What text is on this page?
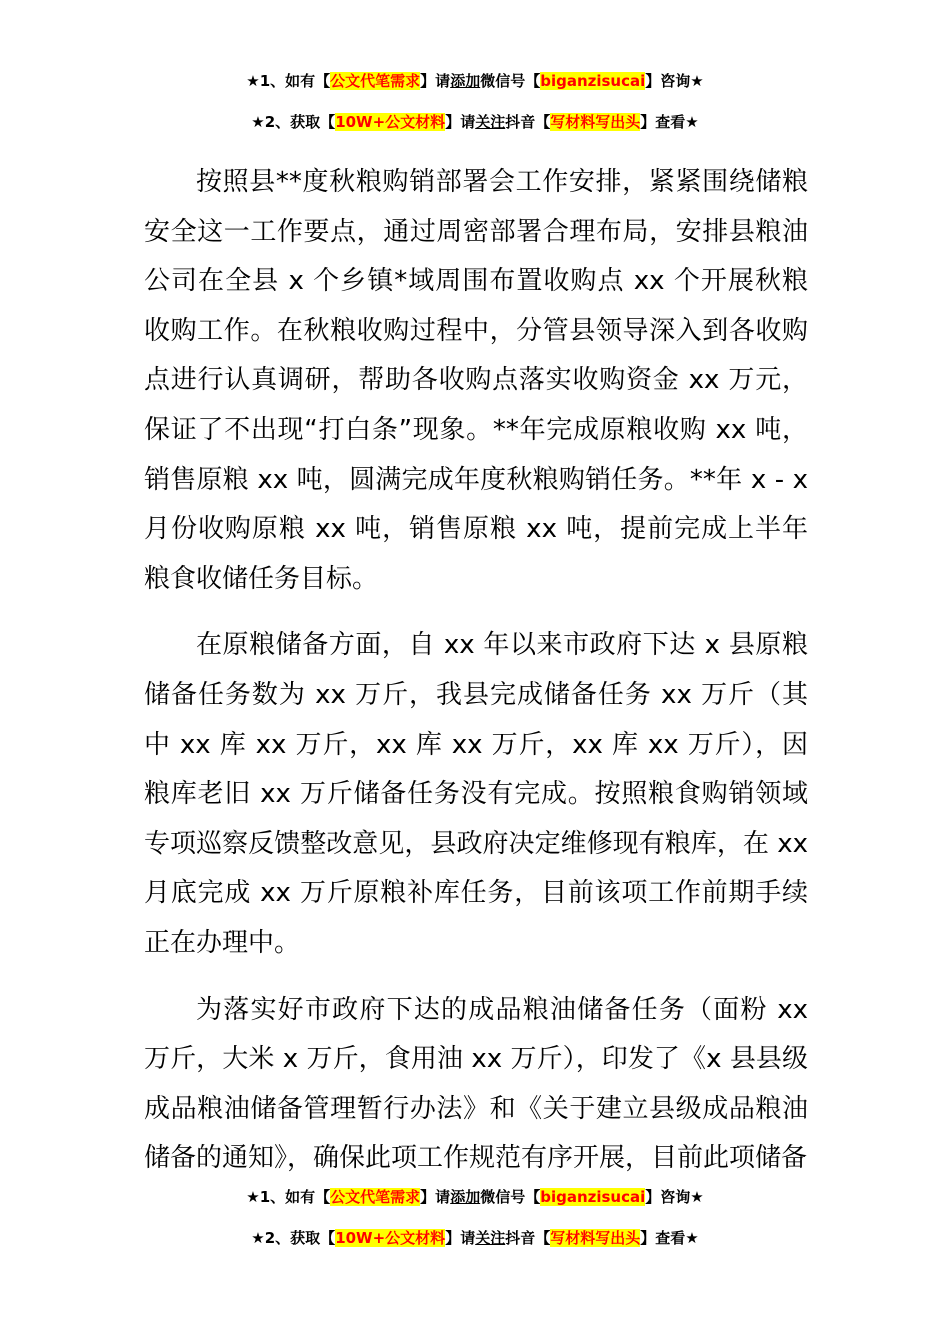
★1、如有【公文代笔需求】请添加微信号【biganzisucai】咨询★
★2、获取【10W+公文材料】请关注抖音【写材料写出头】查看★

按照县**度秋粮购销部署会工作安排，紧紧围绕储粮安全这一工作要点，通过周密部署合理布局，安排县粮油公司在全县 x 个乡镇*域周围布置收购点 xx 个开展秋粮收购工作。在秋粮收购过程中，分管县领导深入到各收购点进行认真调研，帮助各收购点落实收购资金 xx 万元，保证了不出现“打白条”现象。**年完成原粮收购 xx 吨，销售原粮 xx 吨，圆满完成年度秋粮购销任务。**年 x - x 月份收购原粮 xx 吨，销售原粮 xx 吨，提前完成上半年粮食收储任务目标。

在原粮储备方面，自 xx 年以来市政府下达 x 县原粮储备任务数为 xx 万斤，我县完成储备任务 xx 万斤（其中 xx 库 xx 万斤，xx 库 xx 万斤，xx 库 xx 万斤），因粮库老旧 xx 万斤储备任务没有完成。按照粮食购销领域专项巡察反馈整改意见，县政府决定维修现有粮库，在 xx 月底完成 xx 万斤原粮补库任务，目前该项工作前期手续正在办理中。

为落实好市政府下达的成品粮油储备任务（面粉 xx 万斤，大米 x 万斤，食用油 xx 万斤），印发了《x 县县级成品粮油储备管理暂行办法》和《关于建立县级成品粮油储备的通知》，确保此项工作规范有序开展，目前此项储备

★1、如有【公文代笔需求】请添加微信号【biganzisucai】咨询★
★2、获取【10W+公文材料】请关注抖音【写材料写出头】查看★
